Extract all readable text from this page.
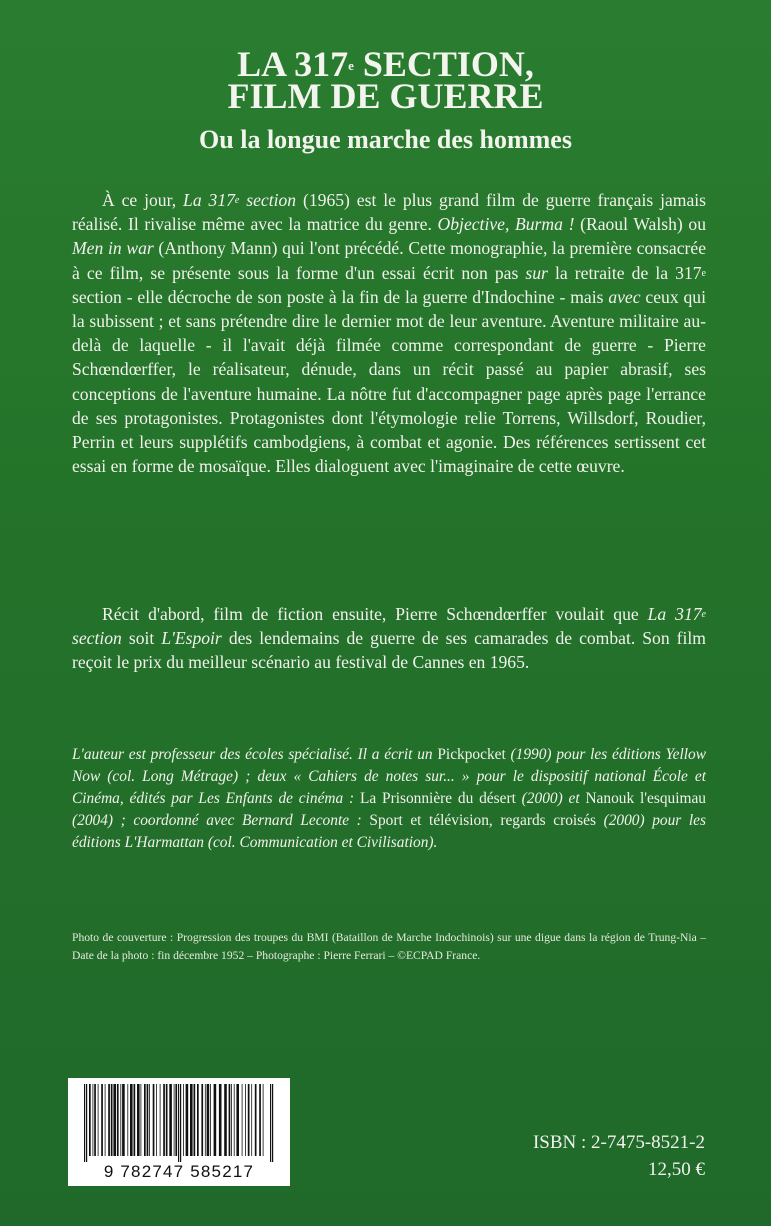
LA 317e SECTION,
FILM DE GUERRE
Ou la longue marche des hommes

À ce jour, La 317e section (1965) est le plus grand film de guerre français jamais réalisé. Il rivalise même avec la matrice du genre. Objective, Burma ! (Raoul Walsh) ou Men in war (Anthony Mann) qui l'ont précédé. Cette monographie, la première consacrée à ce film, se présente sous la forme d'un essai écrit non pas sur la retraite de la 317e section - elle décroche de son poste à la fin de la guerre d'Indochine - mais avec ceux qui la subissent ; et sans prétendre dire le dernier mot de leur aventure. Aventure militaire au-delà de laquelle - il l'avait déjà filmée comme correspondant de guerre - Pierre Schœndœrffer, le réalisateur, dénude, dans un récit passé au papier abrasif, ses conceptions de l'aventure humaine. La nôtre fut d'accompagner page après page l'errance de ses protagonistes. Protagonistes dont l'étymologie relie Torrens, Willsdorf, Roudier, Perrin et leurs supplétifs cambodgiens, à combat et agonie. Des références sertissent cet essai en forme de mosaïque. Elles dialoguent avec l'imaginaire de cette œuvre.

Récit d'abord, film de fiction ensuite, Pierre Schœndœrffer voulait que La 317e section soit L'Espoir des lendemains de guerre de ses camarades de combat. Son film reçoit le prix du meilleur scénario au festival de Cannes en 1965.

L'auteur est professeur des écoles spécialisé. Il a écrit un Pickpocket (1990) pour les éditions Yellow Now (col. Long Métrage) ; deux « Cahiers de notes sur... » pour le dispositif national École et Cinéma, édités par Les Enfants de cinéma : La Prisonnière du désert (2000) et Nanouk l'esquimau (2004) ; coordonné avec Bernard Leconte : Sport et télévision, regards croisés (2000) pour les éditions L'Harmattan (col. Communication et Civilisation).

Photo de couverture : Progression des troupes du BMI (Bataillon de Marche Indochinois) sur une digue dans la région de Trung-Nia – Date de la photo : fin décembre 1952 – Photographe : Pierre Ferrari – ©ECPAD France.

9 782747 585217

ISBN : 2-7475-8521-2

12,50 €
